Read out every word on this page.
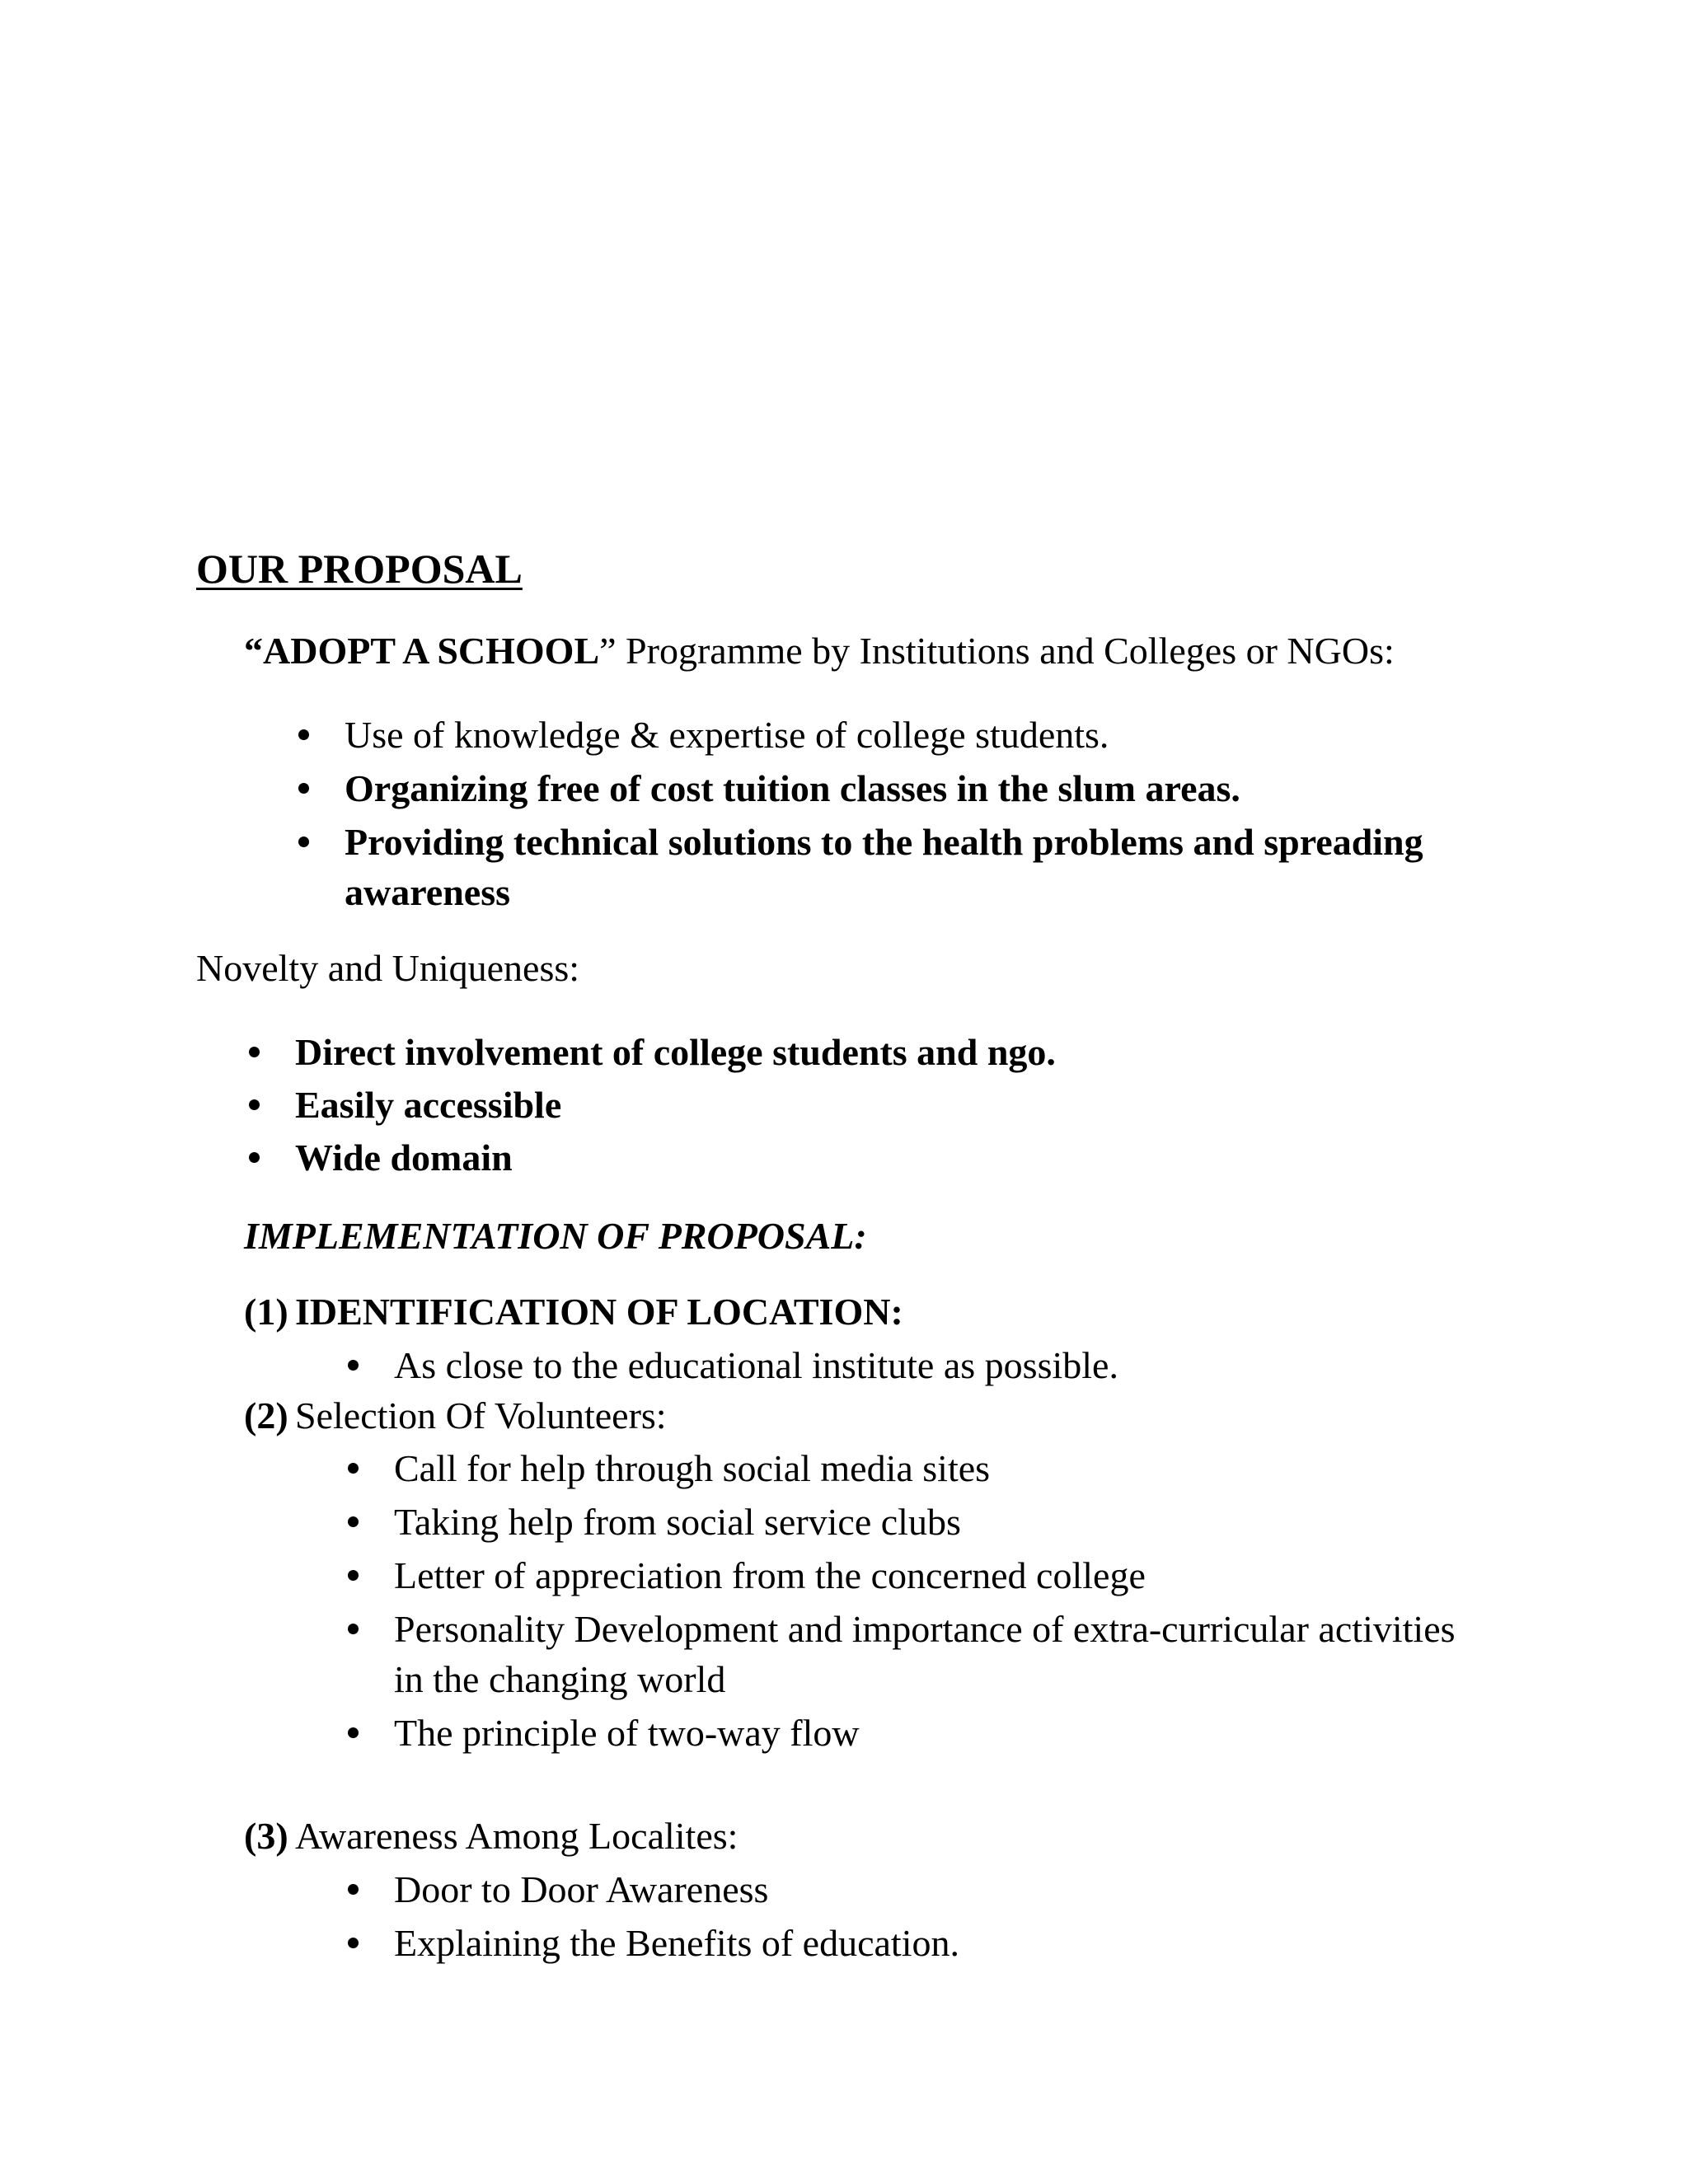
OUR PROPOSAL
“ADOPT A SCHOOL” Programme by Institutions and Colleges or NGOs:
Use of knowledge & expertise of college students.
Organizing free of cost tuition classes in the slum areas.
Providing technical solutions to the health problems and spreading
awareness
Novelty and Uniqueness:
Direct involvement of college students and ngo.
Easily accessible
Wide domain
IMPLEMENTATION OF PROPOSAL:
(1) IDENTIFICATION OF LOCATION:
As close to the educational institute as possible.
(2) Selection Of Volunteers:
Call for help through social media sites
Taking help from social service clubs
Letter of appreciation from the concerned college
Personality Development and importance of extra-curricular activities
in the changing world
The principle of two-way flow
(3) Awareness Among Localites:
Door to Door Awareness
Explaining the Benefits of education.
